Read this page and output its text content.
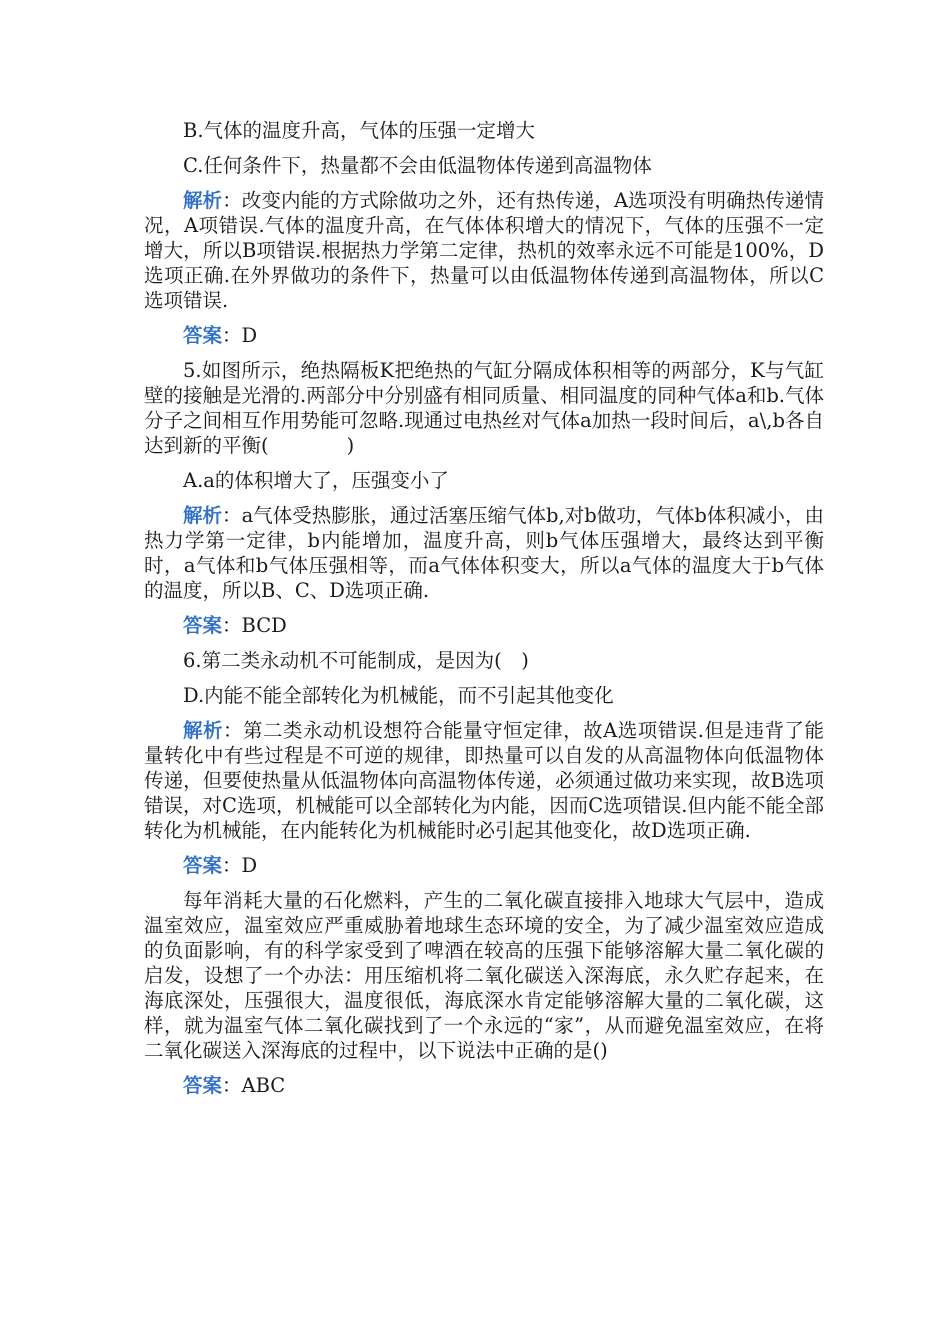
B.气体的温度升高，气体的压强一定增大

C.任何条件下，热量都不会由低温物体传递到高温物体

解析：改变内能的方式除做功之外，还有热传递，A选项没有明确热传递情况，A项错误.气体的温度升高，在气体体积增大的情况下，气体的压强不一定增大，所以B项错误.根据热力学第二定律，热机的效率永远不可能是100%，D选项正确.在外界做功的条件下，热量可以由低温物体传递到高温物体，所以C选项错误.

答案：D

5.如图所示，绝热隔板K把绝热的气缸分隔成体积相等的两部分，K与气缸壁的接触是光滑的.两部分中分别盛有相同质量、相同温度的同种气体a和b.气体分子之间相互作用势能可忽略.现通过电热丝对气体a加热一段时间后，a\,b各自达到新的平衡(　　　　)

A.a的体积增大了，压强变小了

解析：a气体受热膨胀，通过活塞压缩气体b,对b做功，气体b体积减小，由热力学第一定律，b内能增加，温度升高，则b气体压强增大，最终达到平衡时，a气体和b气体压强相等，而a气体体积变大，所以a气体的温度大于b气体的温度，所以B、C、D选项正确.

答案：BCD

6.第二类永动机不可能制成，是因为(　)

D.内能不能全部转化为机械能，而不引起其他变化

解析：第二类永动机设想符合能量守恒定律，故A选项错误.但是违背了能量转化中有些过程是不可逆的规律，即热量可以自发的从高温物体向低温物体传递，但要使热量从低温物体向高温物体传递，必须通过做功来实现，故B选项错误，对C选项，机械能可以全部转化为内能，因而C选项错误.但内能不能全部转化为机械能，在内能转化为机械能时必引起其他变化，故D选项正确.

答案：D

每年消耗大量的石化燃料，产生的二氧化碳直接排入地球大气层中，造成温室效应，温室效应严重威胁着地球生态环境的安全，为了减少温室效应造成的负面影响，有的科学家受到了啤酒在较高的压强下能够溶解大量二氧化碳的启发，设想了一个办法：用压缩机将二氧化碳送入深海底，永久贮存起来，在海底深处，压强很大，温度很低，海底深水肯定能够溶解大量的二氧化碳，这样，就为温室气体二氧化碳找到了一个永远的“家”，从而避免温室效应，在将二氧化碳送入深海底的过程中，以下说法中正确的是()

答案：ABC
